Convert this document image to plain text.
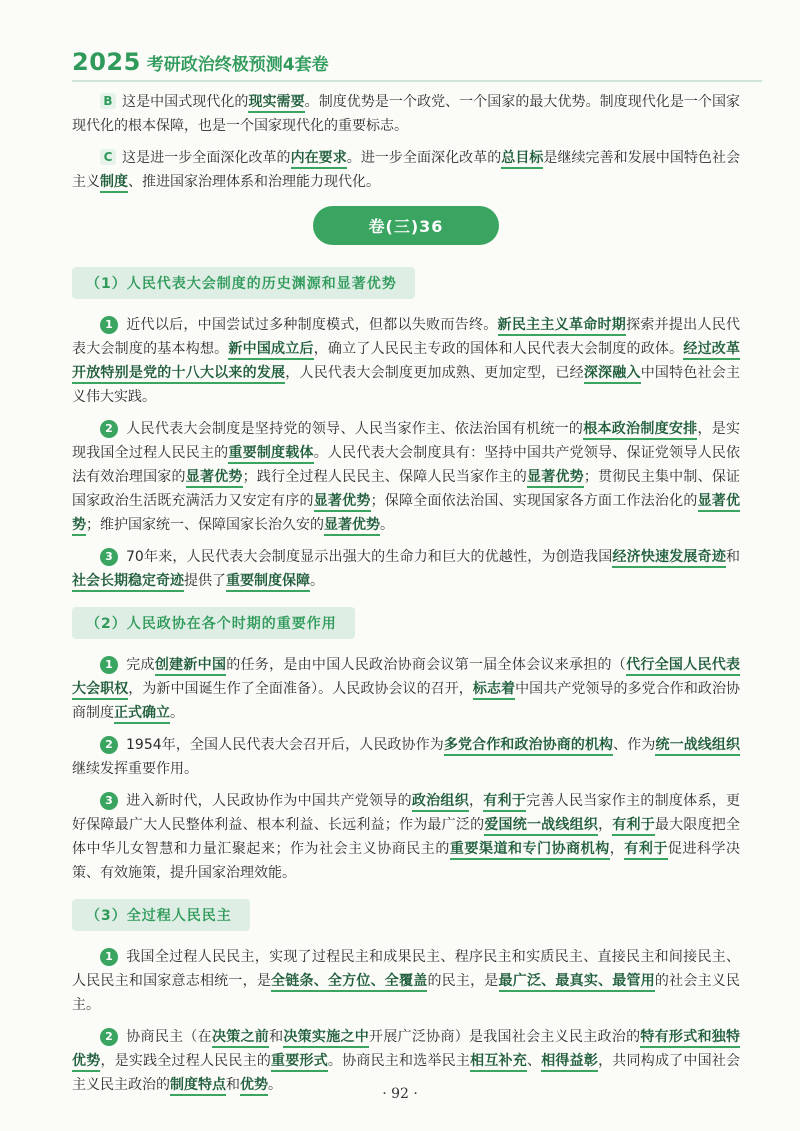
2025 考研政治终极预测4套卷

B 这是中国式现代化的现实需要。制度优势是一个政党、一个国家的最大优势。制度现代化是一个国家现代化的根本保障，也是一个国家现代化的重要标志。

C 这是进一步全面深化改革的内在要求。进一步全面深化改革的总目标是继续完善和发展中国特色社会主义制度、推进国家治理体系和治理能力现代化。

卷(三)36
（1）人民代表大会制度的历史渊源和显著优势

1 近代以后，中国尝试过多种制度模式，但都以失败而告终。新民主主义革命时期探索并提出人民代表大会制度的基本构想。新中国成立后，确立了人民民主专政的国体和人民代表大会制度的政体。经过改革开放特别是党的十八大以来的发展，人民代表大会制度更加成熟、更加定型，已经深深融入中国特色社会主义伟大实践。

2 人民代表大会制度是坚持党的领导、人民当家作主、依法治国有机统一的根本政治制度安排，是实现我国全过程人民民主的重要制度载体。人民代表大会制度具有：坚持中国共产党领导、保证党领导人民依法有效治理国家的显著优势；践行全过程人民民主、保障人民当家作主的显著优势；贯彻民主集中制、保证国家政治生活既充满活力又安定有序的显著优势；保障全面依法治国、实现国家各方面工作法治化的显著优势；维护国家统一、保障国家长治久安的显著优势。

3 70年来，人民代表大会制度显示出强大的生命力和巨大的优越性，为创造我国经济快速发展奇迹和社会长期稳定奇迹提供了重要制度保障。

（2）人民政协在各个时期的重要作用

1 完成创建新中国的任务，是由中国人民政治协商会议第一届全体会议来承担的（代行全国人民代表大会职权，为新中国诞生作了全面准备）。人民政协会议的召开，标志着中国共产党领导的多党合作和政治协商制度正式确立。

2 1954年，全国人民代表大会召开后，人民政协作为多党合作和政治协商的机构、作为统一战线组织继续发挥重要作用。

3 进入新时代，人民政协作为中国共产党领导的政治组织，有利于完善人民当家作主的制度体系，更好保障最广大人民整体利益、根本利益、长远利益；作为最广泛的爱国统一战线组织，有利于最大限度把全体中华儿女智慧和力量汇聚起来；作为社会主义协商民主的重要渠道和专门协商机构，有利于促进科学决策、有效施策，提升国家治理效能。

（3）全过程人民民主

1 我国全过程人民民主，实现了过程民主和成果民主、程序民主和实质民主、直接民主和间接民主、人民民主和国家意志相统一，是全链条、全方位、全覆盖的民主，是最广泛、最真实、最管用的社会主义民主。

2 协商民主（在决策之前和决策实施之中开展广泛协商）是我国社会主义民主政治的特有形式和独特优势，是实践全过程人民民主的重要形式。协商民主和选举民主相互补充、相得益彰，共同构成了中国社会主义民主政治的制度特点和优势。

· 92 ·
